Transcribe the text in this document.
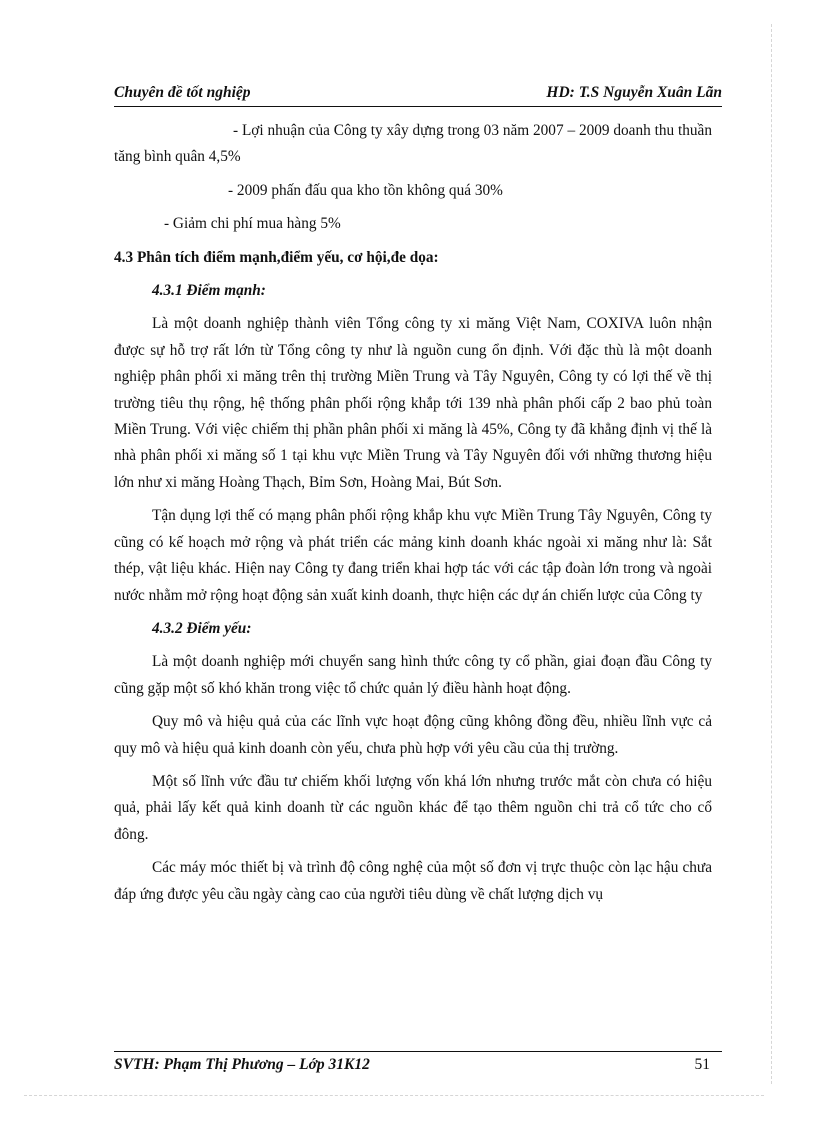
Chuyên đề tốt nghiệp	HD: T.S Nguyễn Xuân Lãn

- Lợi nhuận của Công ty xây dựng trong 03 năm 2007 – 2009 doanh thu thuần tăng bình quân 4,5%

- 2009 phấn đấu qua kho tồn không quá 30%

- Giảm chi phí mua hàng 5%

4.3 Phân tích điểm mạnh,điểm yếu, cơ hội,đe dọa:

4.3.1 Điểm mạnh:

Là một doanh nghiệp thành viên Tổng công ty xi măng Việt Nam, COXIVA luôn nhận được sự hỗ trợ rất lớn từ Tổng công ty như là nguồn cung ổn định. Với đặc thù là một doanh nghiệp phân phối xi măng trên thị trường Miền Trung và Tây Nguyên, Công ty có lợi thế về thị trường tiêu thụ rộng, hệ thống phân phối rộng khắp tới 139 nhà phân phối cấp 2 bao phủ toàn Miền Trung. Với việc chiếm thị phần phân phối xi măng là 45%, Công ty đã khẳng định vị thế là nhà phân phối xi măng số 1 tại khu vực Miền Trung và Tây Nguyên đối với những thương hiệu lớn như xi măng Hoàng Thạch, Bỉm Sơn, Hoàng Mai, Bút Sơn.

Tận dụng lợi thế có mạng phân phối rộng khắp khu vực Miền Trung Tây Nguyên, Công ty cũng có kế hoạch mở rộng và phát triển các mảng kinh doanh khác ngoài xi măng như là: Sắt thép, vật liệu khác. Hiện nay Công ty đang triển khai hợp tác với các tập đoàn lớn trong và ngoài nước nhằm mở rộng hoạt động sản xuất kinh doanh, thực hiện các dự án chiến lược của Công ty

4.3.2 Điểm yếu:

Là một doanh nghiệp mới chuyển sang hình thức công ty cổ phần, giai đoạn đầu Công ty cũng gặp một số khó khăn trong việc tổ chức quản lý điều hành hoạt động.

Quy mô và hiệu quả của các lĩnh vực hoạt động cũng không đồng đều, nhiều lĩnh vực cả quy mô và hiệu quả kinh doanh còn yếu, chưa phù hợp với yêu cầu của thị trường.

Một số lĩnh vức đầu tư chiếm khối lượng vốn khá lớn nhưng trước mắt còn chưa có hiệu quả, phải lấy kết quả kinh doanh từ các nguồn khác để tạo thêm nguồn chi trả cổ tức cho cổ đông.

Các máy móc thiết bị và trình độ công nghệ của một số đơn vị trực thuộc còn lạc hậu chưa đáp ứng được yêu cầu ngày càng cao của người tiêu dùng về chất lượng dịch vụ

SVTH: Phạm Thị Phương – Lớp 31K12	51
